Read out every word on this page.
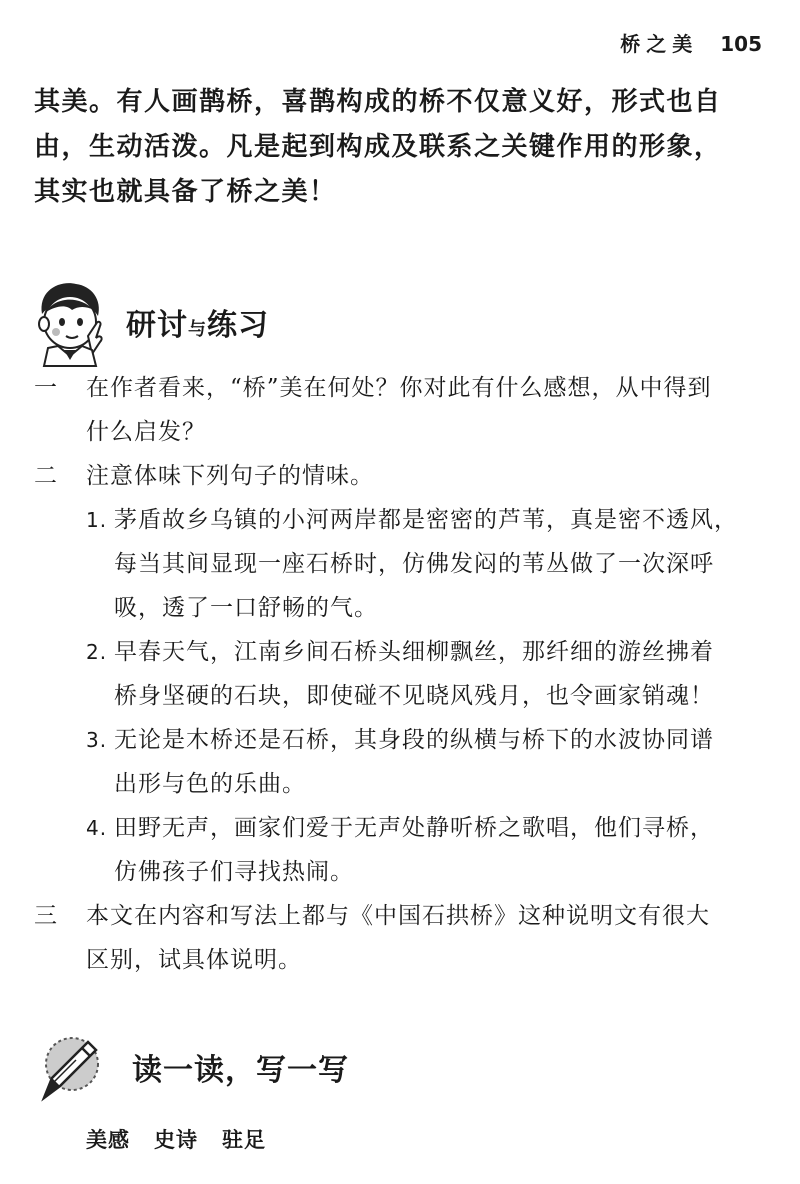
桥之美 105
其美。有人画鹊桥，喜鹊构成的桥不仅意义好，形式也自
由，生动活泼。凡是起到构成及联系之关键作用的形象，
其实也就具备了桥之美！
研讨与练习
一	在作者看来，“桥”美在何处？你对此有什么感想，从中得到
什么启发？
二	注意体味下列句子的情味。
1. 茅盾故乡乌镇的小河两岸都是密密的芦苇，真是密不透风，
每当其间显现一座石桥时，仿佛发闷的苇丛做了一次深呼
吸，透了一口舒畅的气。
2. 早春天气，江南乡间石桥头细柳飘丝，那纤细的游丝拂着
桥身坚硬的石块，即使碰不见晓风残月，也令画家销魂！
3. 无论是木桥还是石桥，其身段的纵横与桥下的水波协同谱
出形与色的乐曲。
4. 田野无声，画家们爱于无声处静听桥之歌唱，他们寻桥，
仿佛孩子们寻找热闹。
三	本文在内容和写法上都与《中国石拱桥》这种说明文有很大
区别，试具体说明。
读一读，写一写
美感 史诗 驻足
